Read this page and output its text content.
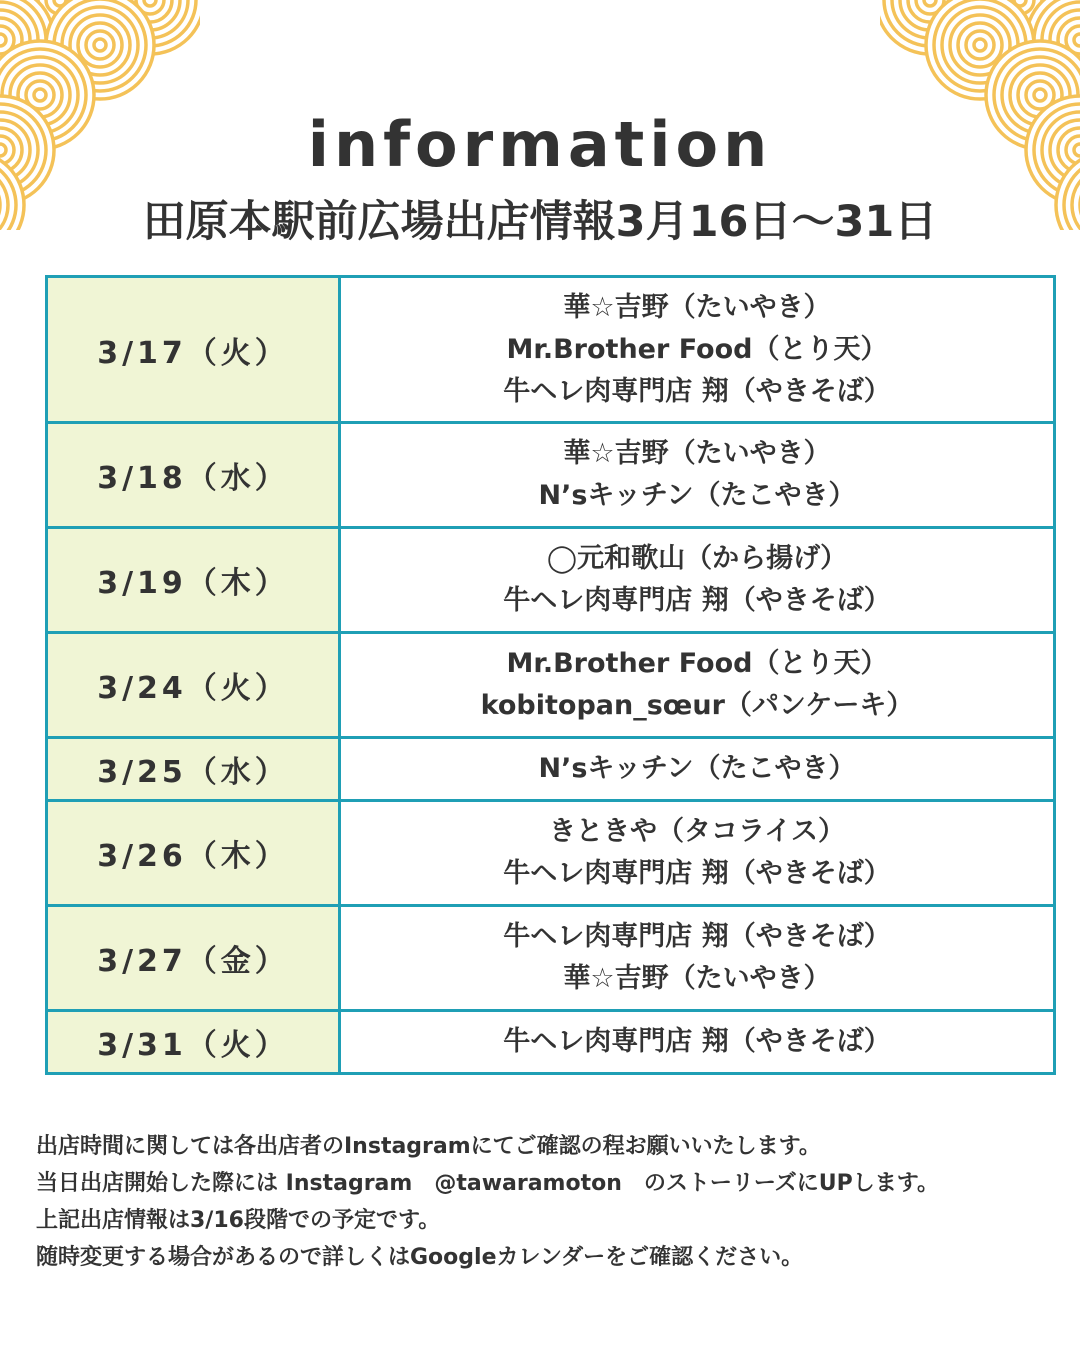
information
田原本駅前広場出店情報3月16日〜31日
3/17（火）	華☆吉野（たいやき）
Mr.Brother Food（とり天）
牛ヘレ肉専門店 翔（やきそば）

3/18（水）	華☆吉野（たいやき）
N’sキッチン（たこやき）

3/19（木）	◯元和歌山（から揚げ）
牛ヘレ肉専門店 翔（やきそば）

3/24（火）	Mr.Brother Food（とり天）
kobitopan_sœur（パンケーキ）

3/25（水）	N’sキッチン（たこやき）

3/26（木）	きときや（タコライス）
牛ヘレ肉専門店 翔（やきそば）

3/27（金）	牛ヘレ肉専門店 翔（やきそば）
華☆吉野（たいやき）

3/31（火）	牛ヘレ肉専門店 翔（やきそば）
出店時間に関しては各出店者のInstagramにてご確認の程お願いいたします。
当日出店開始した際には Instagram　@tawaramoton　のストーリーズにUPします。
上記出店情報は3/16段階での予定です。
随時変更する場合があるので詳しくはGoogleカレンダーをご確認ください。
